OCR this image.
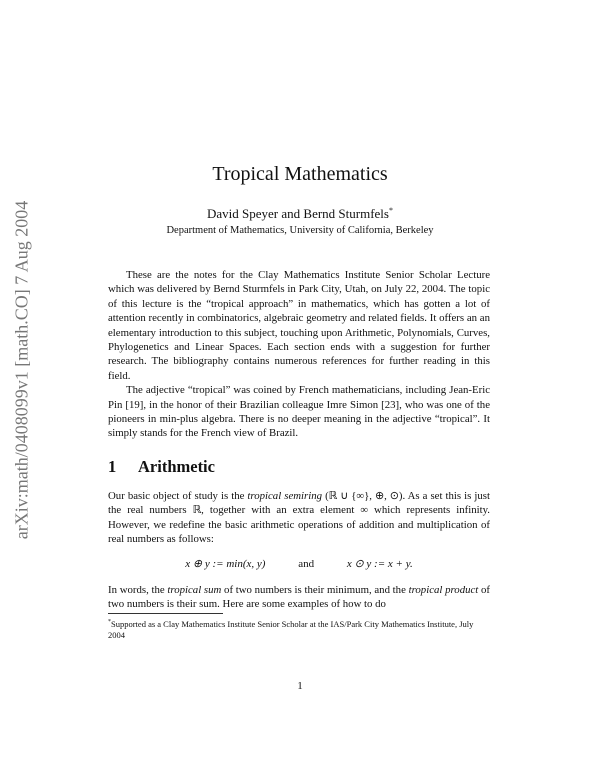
arXiv:math/0408099v1 [math.CO] 7 Aug 2004
Tropical Mathematics
David Speyer and Bernd Sturmfels*
Department of Mathematics, University of California, Berkeley

These are the notes for the Clay Mathematics Institute Senior Scholar Lecture which was delivered by Bernd Sturmfels in Park City, Utah, on July 22, 2004. The topic of this lecture is the “tropical approach” in mathematics, which has gotten a lot of attention recently in combinatorics, algebraic geometry and related fields. It offers an an elementary introduction to this subject, touching upon Arithmetic, Polynomials, Curves, Phylogenetics and Linear Spaces. Each section ends with a suggestion for further research. The bibliography contains numerous references for further reading in this field.

The adjective “tropical” was coined by French mathematicians, including Jean-Eric Pin [19], in the honor of their Brazilian colleague Imre Simon [23], who was one of the pioneers in min-plus algebra. There is no deeper meaning in the adjective “tropical”. It simply stands for the French view of Brazil.

1 Arithmetic

Our basic object of study is the tropical semiring (ℝ ∪ {∞}, ⊕, ⊙). As a set this is just the real numbers ℝ, together with an extra element ∞ which represents infinity. However, we redefine the basic arithmetic operations of addition and multiplication of real numbers as follows:

x ⊕ y := min(x, y)	and	x ⊙ y := x + y.

In words, the tropical sum of two numbers is their minimum, and the tropical product of two numbers is their sum. Here are some examples of how to do

*Supported as a Clay Mathematics Institute Senior Scholar at the IAS/Park City Mathematics Institute, July 2004
1
